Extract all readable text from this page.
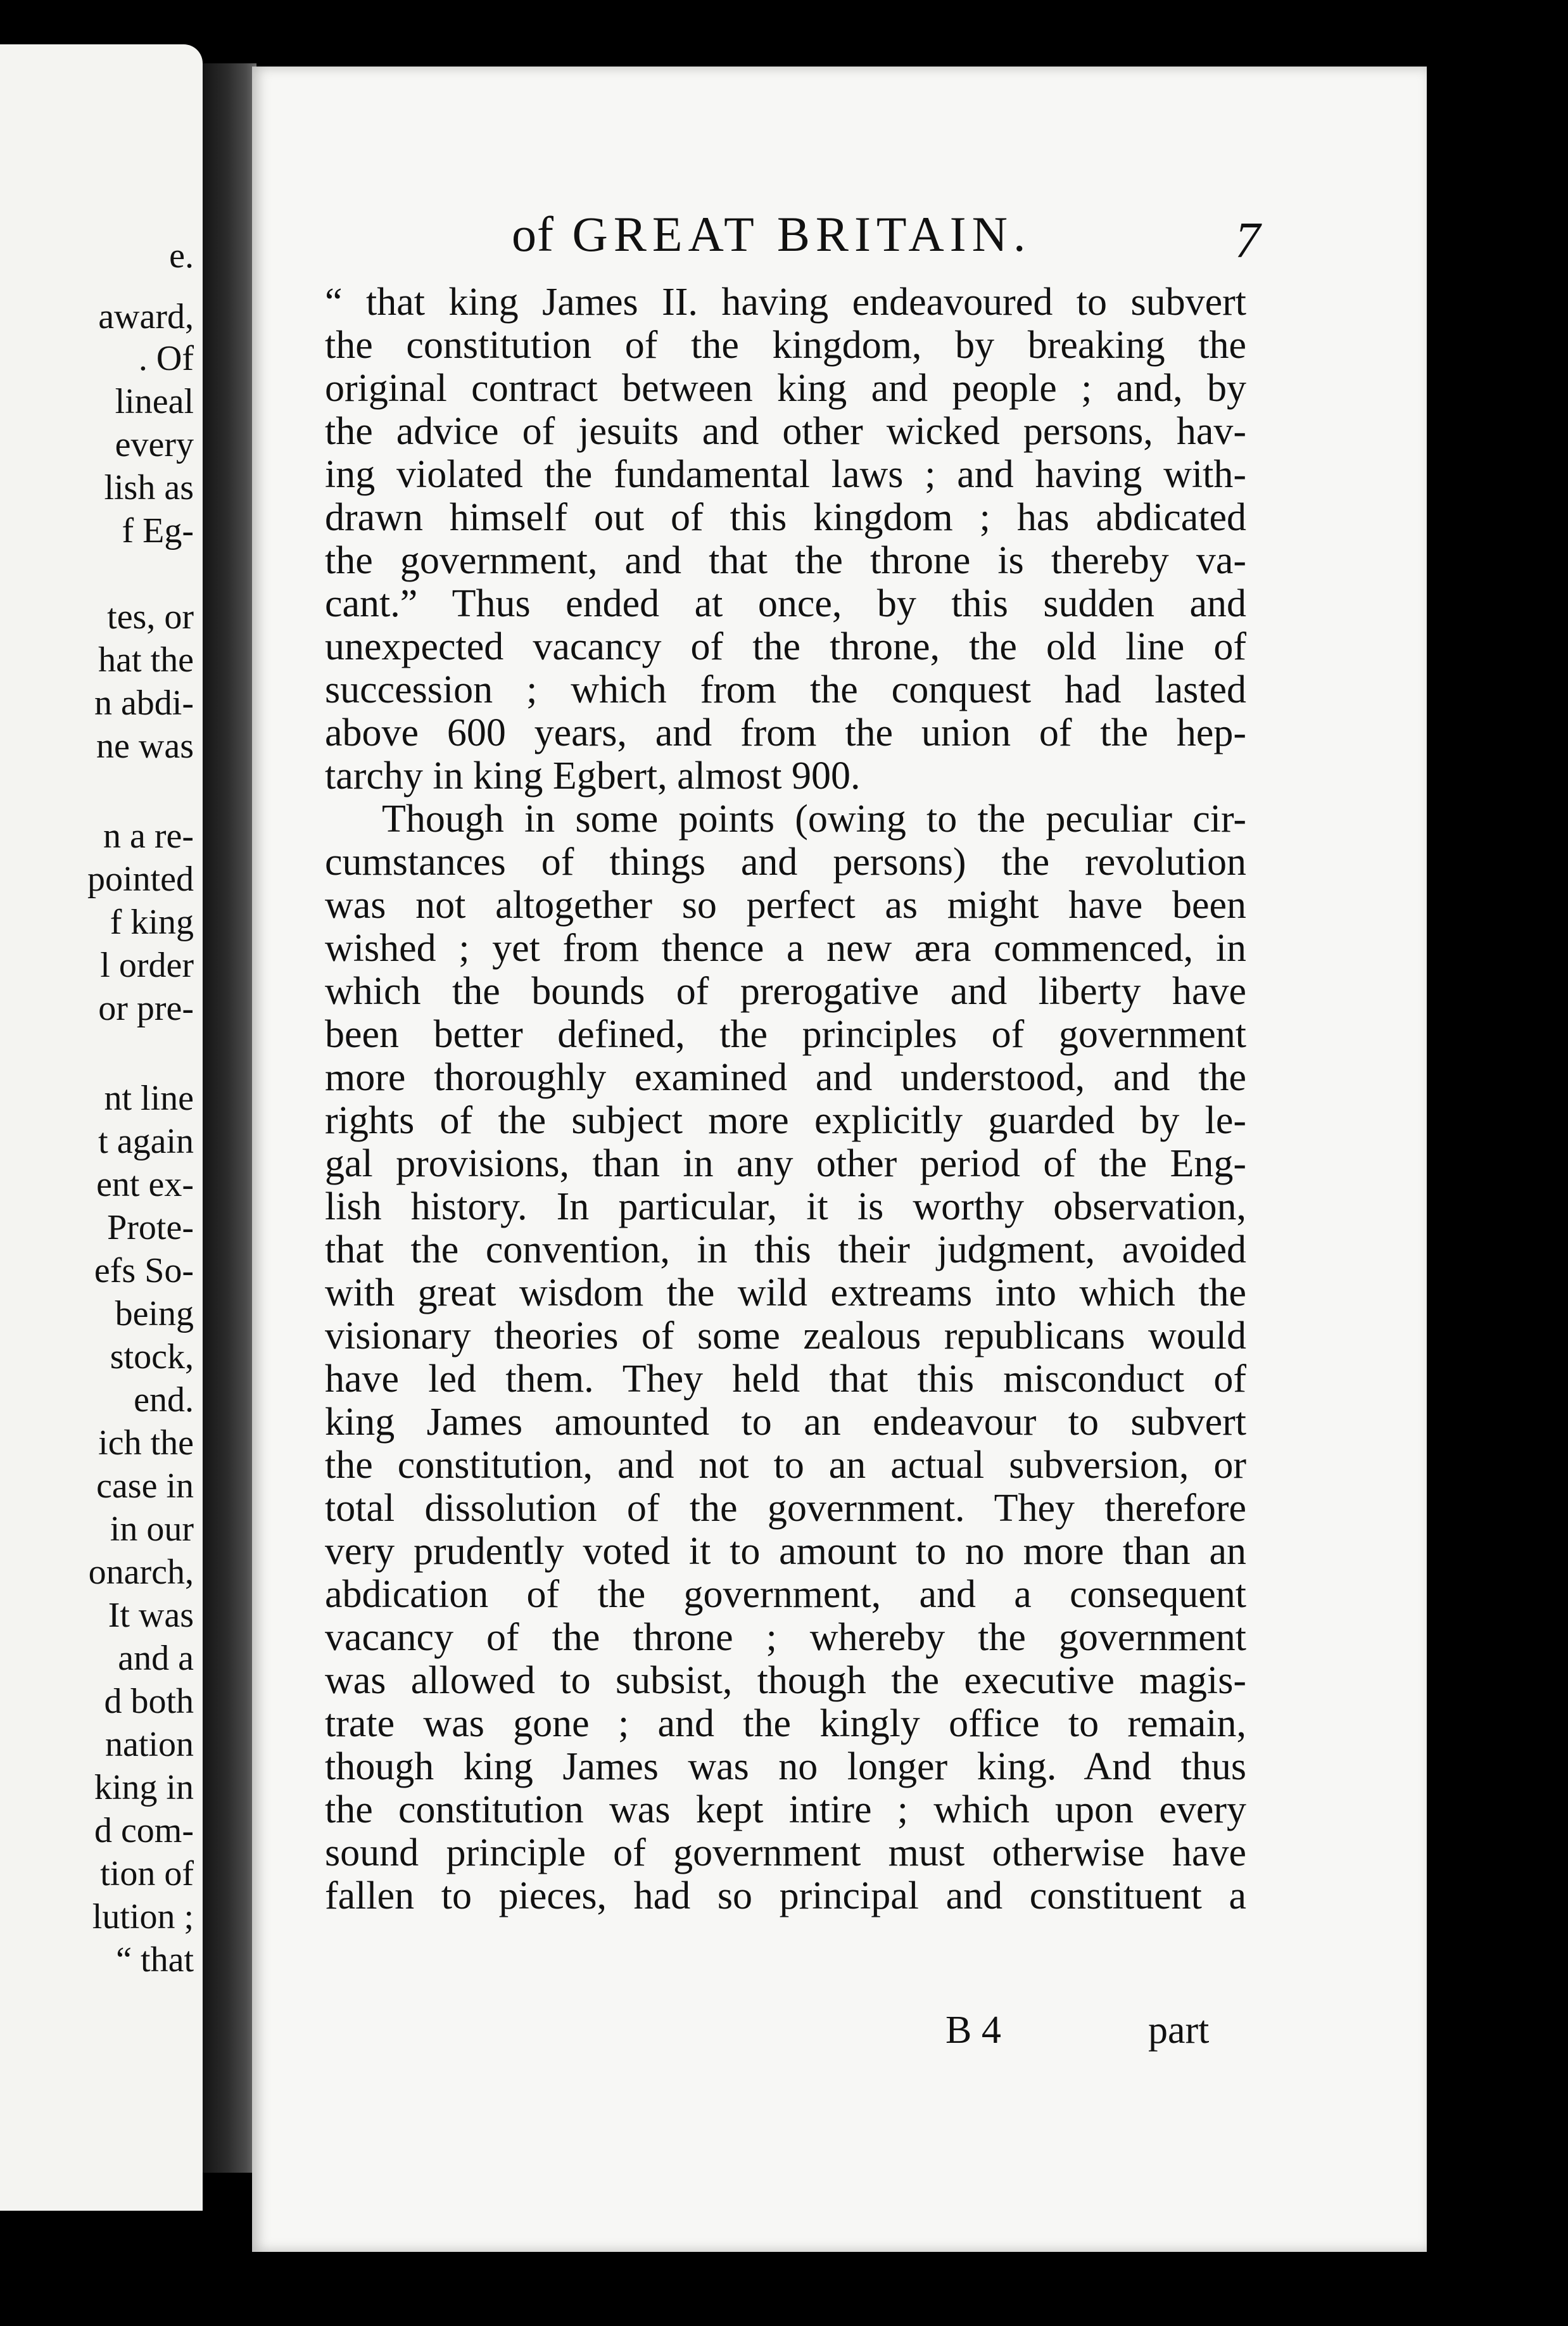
e.
award,
. Of
lineal
every
lish as
f Eg-
tes, or
hat the
n abdi-
ne was
n a re-
pointed
f king
l order
or pre-
nt line
t again
ent ex-
Prote-
efs So-
being
stock,
end.
ich the
case in
in our
onarch,
It was
and a
d both
nation
king in
d com-
tion of
lution ;
“ that
of GREAT BRITAIN.	7
“ that king James II. having endeavoured to subvert
the constitution of the kingdom, by breaking the
original contract between king and people ; and, by
the advice of jesuits and other wicked persons, hav-
ing violated the fundamental laws ; and having with-
drawn himself out of this kingdom ; has abdicated
the government, and that the throne is thereby va-
cant.” Thus ended at once, by this sudden and
unexpected vacancy of the throne, the old line of
succession ; which from the conquest had lasted
above 600 years, and from the union of the hep-
tarchy in king Egbert, almost 900.
Though in some points (owing to the peculiar cir-
cumstances of things and persons) the revolution
was not altogether so perfect as might have been
wished ; yet from thence a new æra commenced, in
which the bounds of prerogative and liberty have
been better defined, the principles of government
more thoroughly examined and understood, and the
rights of the subject more explicitly guarded by le-
gal provisions, than in any other period of the Eng-
lish history. In particular, it is worthy observation,
that the convention, in this their judgment, avoided
with great wisdom the wild extreams into which the
visionary theories of some zealous republicans would
have led them. They held that this misconduct of
king James amounted to an endeavour to subvert
the constitution, and not to an actual subversion, or
total dissolution of the government. They therefore
very prudently voted it to amount to no more than an
abdication of the government, and a consequent
vacancy of the throne ; whereby the government
was allowed to subsist, though the executive magis-
trate was gone ; and the kingly office to remain,
though king James was no longer king. And thus
the constitution was kept intire ; which upon every
sound principle of government must otherwise have
fallen to pieces, had so principal and constituent a
B 4	part
